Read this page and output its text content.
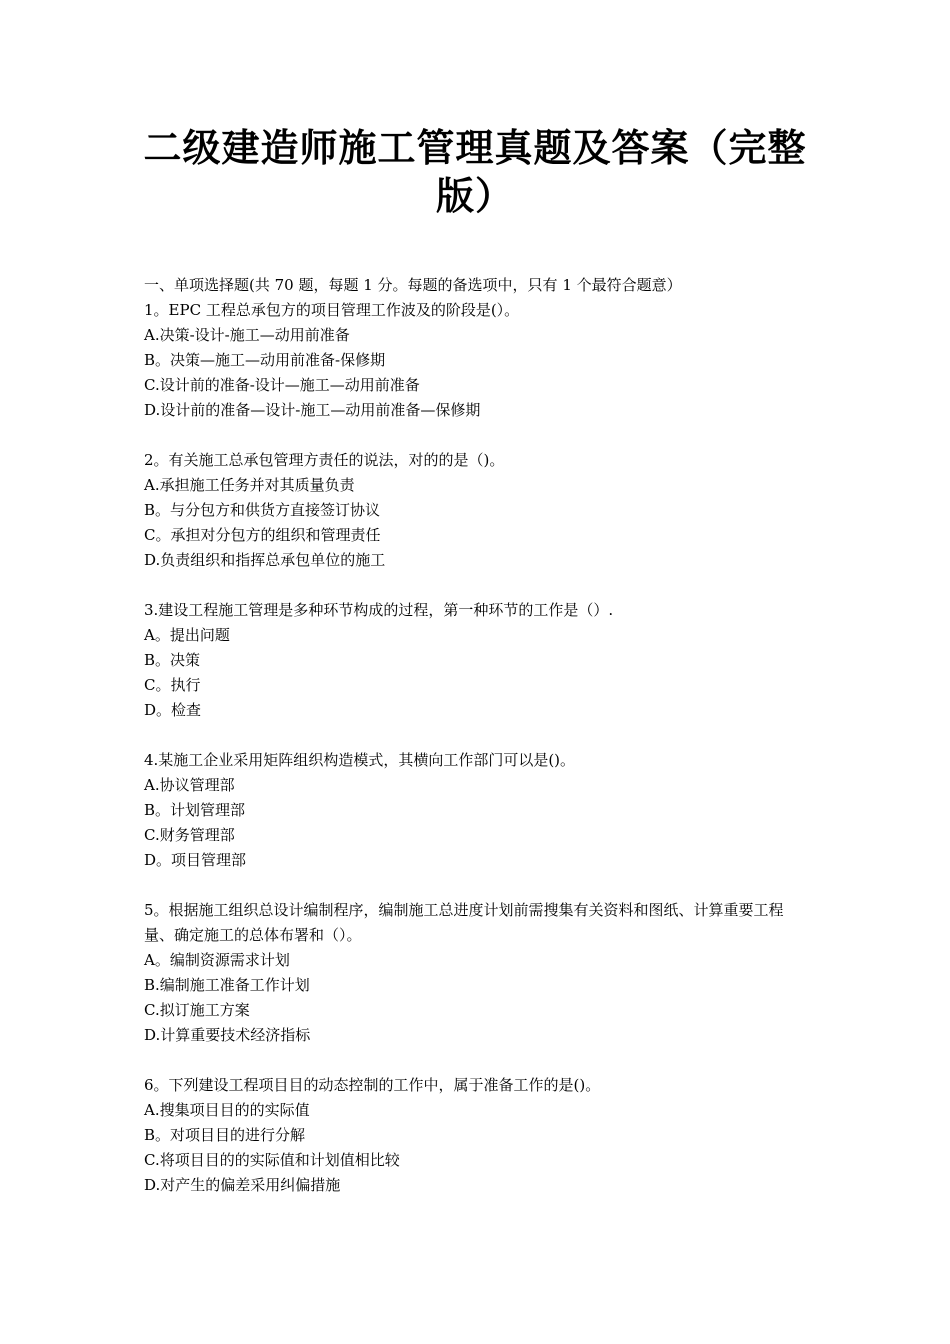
二级建造师施工管理真题及答案（完整版）
一、单项选择题(共 70 题，每题 1 分。每题的备选项中，只有 1 个最符合题意）
1。EPC 工程总承包方的项目管理工作波及的阶段是(）。
A.决策-设计-施工—动用前准备
B。决策—施工—动用前准备-保修期
C.设计前的准备-设计—施工—动用前准备
D.设计前的准备—设计-施工—动用前准备—保修期
2。有关施工总承包管理方责任的说法，对的的是（)。
A.承担施工任务并对其质量负责
B。与分包方和供货方直接签订协议
C。承担对分包方的组织和管理责任
D.负责组织和指挥总承包单位的施工
3.建设工程施工管理是多种环节构成的过程，第一种环节的工作是（）.
A。提出问题
B。决策
C。执行
D。检查
4.某施工企业采用矩阵组织构造模式，其横向工作部门可以是()。
A.协议管理部
B。计划管理部
C.财务管理部
D。项目管理部
5。根据施工组织总设计编制程序，编制施工总进度计划前需搜集有关资料和图纸、计算重要工程量、确定施工的总体布署和（）。
A。编制资源需求计划
B.编制施工准备工作计划
C.拟订施工方案
D.计算重要技术经济指标
6。下列建设工程项目目的动态控制的工作中，属于准备工作的是()。
A.搜集项目目的的实际值
B。对项目目的进行分解
C.将项目目的的实际值和计划值相比较
D.对产生的偏差采用纠偏措施
